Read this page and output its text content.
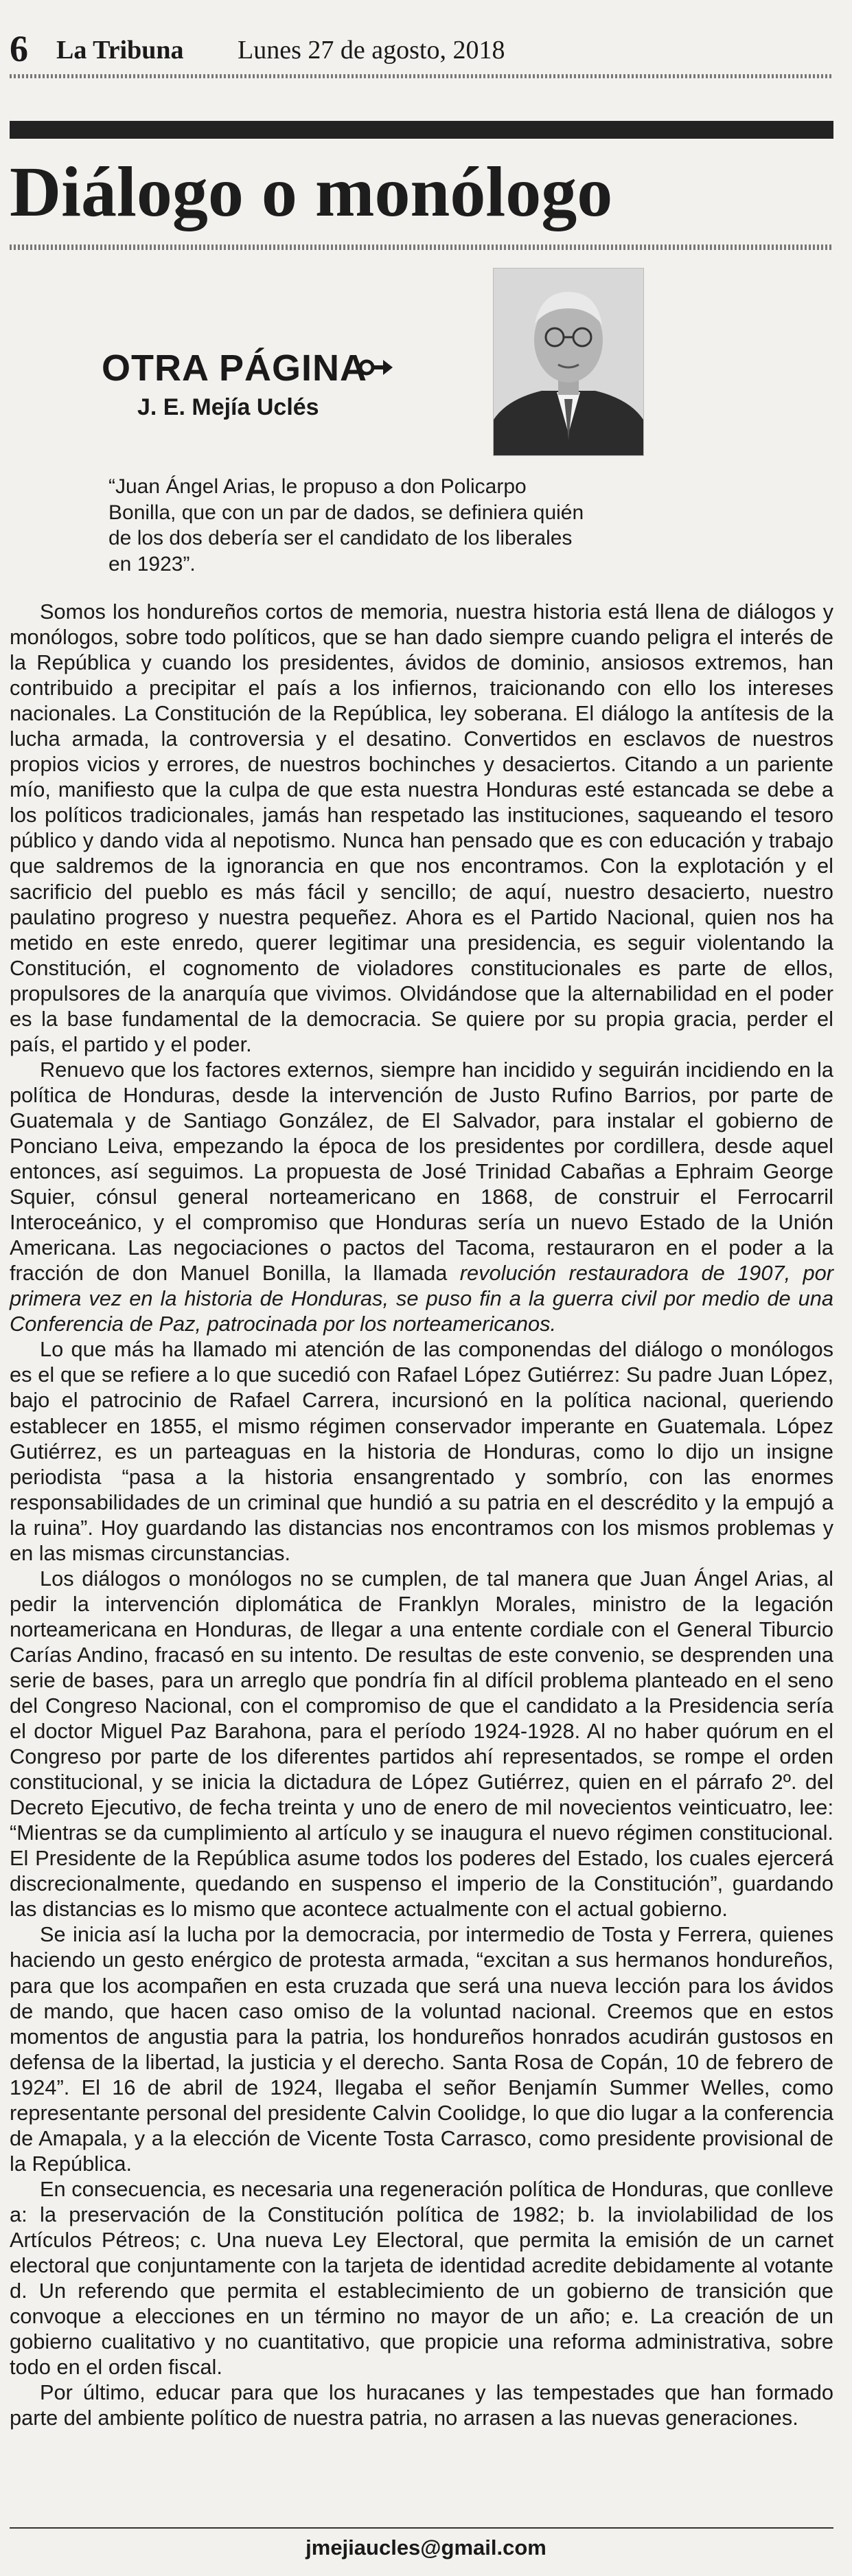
6 La Tribuna Lunes 27 de agosto, 2018
Diálogo o monólogo
OTRA PÁGINA
J. E. Mejía Uclés
“Juan Ángel Arias, le propuso a don Policarpo Bonilla, que con un par de dados, se definiera quién de los dos debería ser el candidato de los liberales en 1923”.

Somos los hondureños cortos de memoria, nuestra historia está llena de diálogos y monólogos, sobre todo políticos, que se han dado siempre cuando peligra el interés de la República y cuando los presidentes, ávidos de dominio, ansiosos extremos, han contribuido a precipitar el país a los infiernos, traicionando con ello los intereses nacionales. La Constitución de la República, ley soberana. El diálogo la antítesis de la lucha armada, la controversia y el desatino. Convertidos en esclavos de nuestros propios vicios y errores, de nuestros bochinches y desaciertos. Citando a un pariente mío, manifiesto que la culpa de que esta nuestra Honduras esté estancada se debe a los políticos tradicionales, jamás han respetado las instituciones, saqueando el tesoro público y dando vida al nepotismo. Nunca han pensado que es con educación y trabajo que saldremos de la ignorancia en que nos encontramos. Con la explotación y el sacrificio del pueblo es más fácil y sencillo; de aquí, nuestro desacierto, nuestro paulatino progreso y nuestra pequeñez. Ahora es el Partido Nacional, quien nos ha metido en este enredo, querer legitimar una presidencia, es seguir violentando la Constitución, el cognomento de violadores constitucionales es parte de ellos, propulsores de la anarquía que vivimos. Olvidándose que la alternabilidad en el poder es la base fundamental de la democracia. Se quiere por su propia gracia, perder el país, el partido y el poder.

Renuevo que los factores externos, siempre han incidido y seguirán incidiendo en la política de Honduras, desde la intervención de Justo Rufino Barrios, por parte de Guatemala y de Santiago González, de El Salvador, para instalar el gobierno de Ponciano Leiva, empezando la época de los presidentes por cordillera, desde aquel entonces, así seguimos. La propuesta de José Trinidad Cabañas a Ephraim George Squier, cónsul general norteamericano en 1868, de construir el Ferrocarril Interoceánico, y el compromiso que Honduras sería un nuevo Estado de la Unión Americana. Las negociaciones o pactos del Tacoma, restauraron en el poder a la fracción de don Manuel Bonilla, la llamada revolución restauradora de 1907, por primera vez en la historia de Honduras, se puso fin a la guerra civil por medio de una Conferencia de Paz, patrocinada por los norteamericanos.

Lo que más ha llamado mi atención de las componendas del diálogo o monólogos es el que se refiere a lo que sucedió con Rafael López Gutiérrez: Su padre Juan López, bajo el patrocinio de Rafael Carrera, incursionó en la política nacional, queriendo establecer en 1855, el mismo régimen conservador imperante en Guatemala. López Gutiérrez, es un parteaguas en la historia de Honduras, como lo dijo un insigne periodista “pasa a la historia ensangrentado y sombrío, con las enormes responsabilidades de un criminal que hundió a su patria en el descrédito y la empujó a la ruina”. Hoy guardando las distancias nos encontramos con los mismos problemas y en las mismas circunstancias.

Los diálogos o monólogos no se cumplen, de tal manera que Juan Ángel Arias, al pedir la intervención diplomática de Franklyn Morales, ministro de la legación norteamericana en Honduras, de llegar a una entente cordiale con el General Tiburcio Carías Andino, fracasó en su intento. De resultas de este convenio, se desprenden una serie de bases, para un arreglo que pondría fin al difícil problema planteado en el seno del Congreso Nacional, con el compromiso de que el candidato a la Presidencia sería el doctor Miguel Paz Barahona, para el período 1924-1928. Al no haber quórum en el Congreso por parte de los diferentes partidos ahí representados, se rompe el orden constitucional, y se inicia la dictadura de López Gutiérrez, quien en el párrafo 2º. del Decreto Ejecutivo, de fecha treinta y uno de enero de mil novecientos veinticuatro, lee: “Mientras se da cumplimiento al artículo y se inaugura el nuevo régimen constitucional. El Presidente de la República asume todos los poderes del Estado, los cuales ejercerá discrecionalmente, quedando en suspenso el imperio de la Constitución”, guardando las distancias es lo mismo que acontece actualmente con el actual gobierno.

Se inicia así la lucha por la democracia, por intermedio de Tosta y Ferrera, quienes haciendo un gesto enérgico de protesta armada, “excitan a sus hermanos hondureños, para que los acompañen en esta cruzada que será una nueva lección para los ávidos de mando, que hacen caso omiso de la voluntad nacional. Creemos que en estos momentos de angustia para la patria, los hondureños honrados acudirán gustosos en defensa de la libertad, la justicia y el derecho. Santa Rosa de Copán, 10 de febrero de 1924”. El 16 de abril de 1924, llegaba el señor Benjamín Summer Welles, como representante personal del presidente Calvin Coolidge, lo que dio lugar a la conferencia de Amapala, y a la elección de Vicente Tosta Carrasco, como presidente provisional de la República.

En consecuencia, es necesaria una regeneración política de Honduras, que conlleve a: la preservación de la Constitución política de 1982; b. la inviolabilidad de los Artículos Pétreos; c. Una nueva Ley Electoral, que permita la emisión de un carnet electoral que conjuntamente con la tarjeta de identidad acredite debidamente al votante d. Un referendo que permita el establecimiento de un gobierno de transición que convoque a elecciones en un término no mayor de un año; e. La creación de un gobierno cualitativo y no cuantitativo, que propicie una reforma administrativa, sobre todo en el orden fiscal.

Por último, educar para que los huracanes y las tempestades que han formado parte del ambiente político de nuestra patria, no arrasen a las nuevas generaciones.

jmejiaucles@gmail.com
